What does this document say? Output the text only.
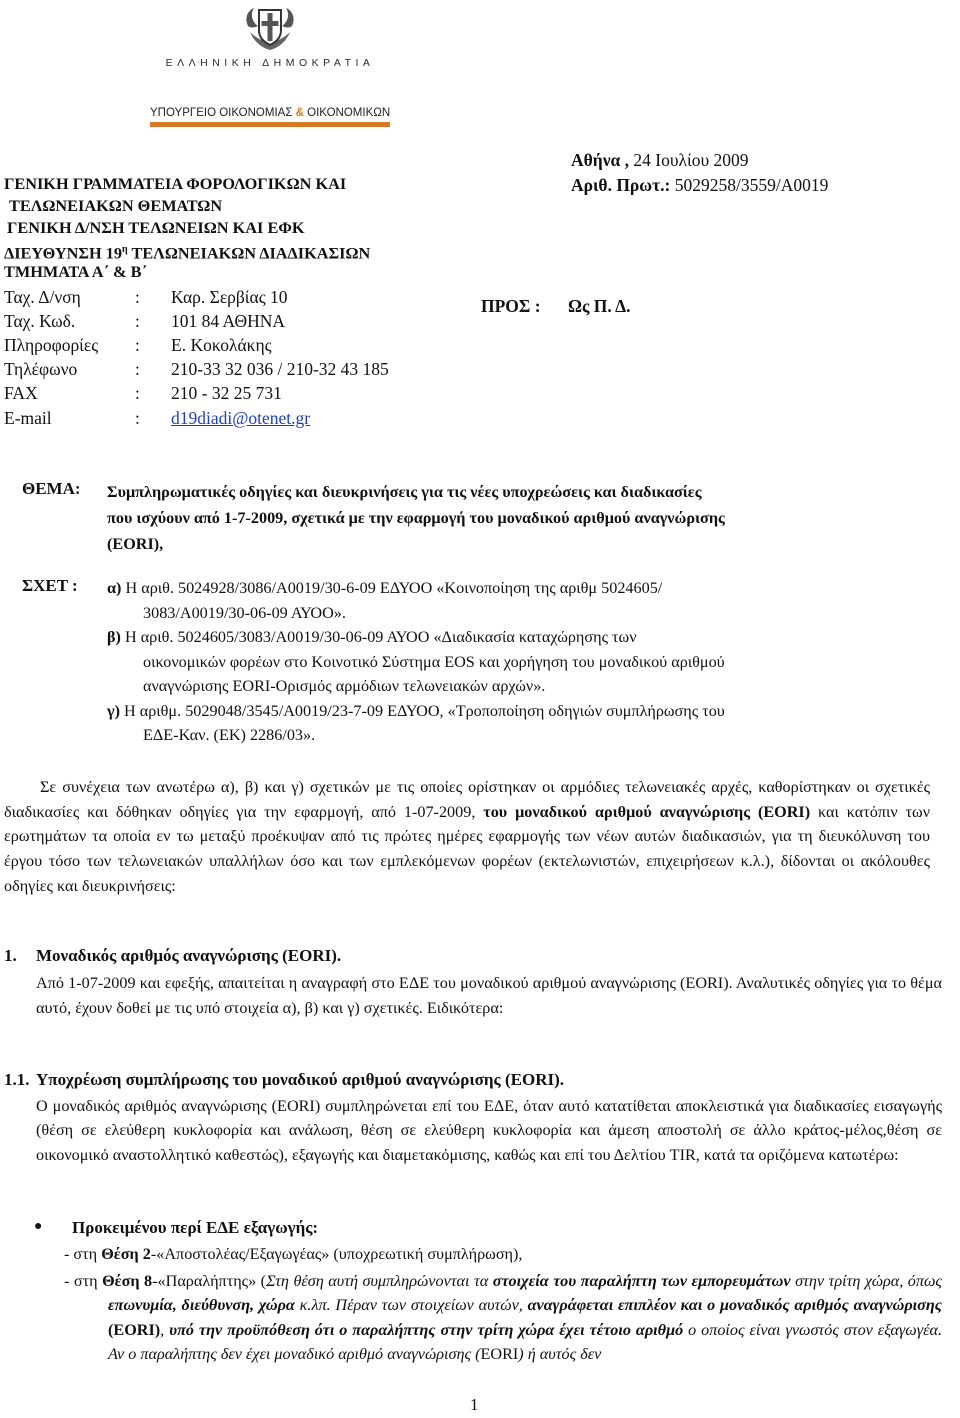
ΕΛΛΗΝΙΚΗ ΔΗΜΟΚΡΑΤΙΑ
ΥΠΟΥΡΓΕΙΟ ΟΙΚΟΝΟΜΙΑΣ & ΟΙΚΟΝΟΜΙΚΩΝ
ΓΕΝΙΚΗ ΓΡΑΜΜΑΤΕΙΑ ΦΟΡΟΛΟΓΙΚΩΝ ΚΑΙ
ΤΕΛΩΝΕΙΑΚΩΝ ΘΕΜΑΤΩΝ
ΓΕΝΙΚΗ Δ/ΝΣΗ ΤΕΛΩΝΕΙΩΝ ΚΑΙ ΕΦΚ
ΔΙΕΥΘΥΝΣΗ $19^\eta$ ΤΕΛΩΝΕΙΑΚΩΝ ΔΙΑΔΙΚΑΣΙΩΝ
ΤΜΗΜΑΤΑ Α΄ & Β΄
Ταχ. Δ/νση	: Καρ. Σερβίας 10
Ταχ. Κωδ.	: 101 84 ΑΘΗΝΑ
Πληροφορίες : Ε. Κοκολάκης
Τηλέφωνο	: 210-33 32 036 / 210-32 43 185
FAX	: 210 - 32 25 731
E-mail	: d19diadi@otenet.gr
Αθήνα , 24 Ιουλίου 2009
Αριθ. Πρωτ.: 5029258/3559/Α0019
ΠΡΟΣ : Ως Π. Δ.
ΘΕΜΑ: Συμπληρωματικές οδηγίες και διευκρινήσεις για τις νέες υποχρεώσεις και διαδικασίες
που ισχύουν από 1-7-2009, σχετικά με την εφαρμογή του μοναδικού αριθμού αναγνώρισης
(EORI),
ΣΧΕΤ : α) Η αριθ. 5024928/3086/Α0019/30-6-09 ΕΔΥΟΟ «Κοινοποίηση της αριθμ 5024605/
3083/Α0019/30-06-09 ΑΥΟΟ».
β) Η αριθ. 5024605/3083/Α0019/30-06-09 ΑΥΟΟ «Διαδικασία καταχώρησης των
οικονομικών φορέων στο Κοινοτικό Σύστημα EOS και χορήγηση του μοναδικού αριθμού
αναγνώρισης EORI-Ορισμός αρμόδιων τελωνειακών αρχών».
γ) Η αριθμ. 5029048/3545/Α0019/23-7-09 ΕΔΥΟΟ, «Τροποποίηση οδηγιών συμπλήρωσης του
ΕΔΕ-Καν. (ΕΚ) 2286/03».
Σε συνέχεια των ανωτέρω α), β) και γ) σχετικών με τις οποίες ορίστηκαν οι αρμόδιες τελωνειακές αρχές, καθορίστηκαν οι σχετικές διαδικασίες και δόθηκαν οδηγίες για την εφαρμογή, από 1-07-2009, του μοναδικού αριθμού αναγνώρισης (EORI) και κατόπιν των ερωτημάτων τα οποία εν τω μεταξύ προέκυψαν από τις πρώτες ημέρες εφαρμογής των νέων αυτών διαδικασιών, για τη διευκόλυνση του έργου τόσο των τελωνειακών υπαλλήλων όσο και των εμπλεκόμενων φορέων (εκτελωνιστών, επιχειρήσεων κ.λ.), δίδονται οι ακόλουθες οδηγίες και διευκρινήσεις:
1. Μοναδικός αριθμός αναγνώρισης (EORI).
Από 1-07-2009 και εφεξής, απαιτείται η αναγραφή στο ΕΔΕ του μοναδικού αριθμού αναγνώρισης (EORI). Αναλυτικές οδηγίες για το θέμα αυτό, έχουν δοθεί με τις υπό στοιχεία α), β) και γ) σχετικές. Ειδικότερα:
1.1. Υποχρέωση συμπλήρωσης του μοναδικού αριθμού αναγνώρισης (EORI).
Ο μοναδικός αριθμός αναγνώρισης (EORI) συμπληρώνεται επί του ΕΔΕ, όταν αυτό κατατίθεται αποκλειστικά για διαδικασίες εισαγωγής (θέση σε ελεύθερη κυκλοφορία και ανάλωση, θέση σε ελεύθερη κυκλοφορία και άμεση αποστολή σε άλλο κράτος-μέλος,θέση σε οικονομικό αναστολλητικό καθεστώς), εξαγωγής και διαμετακόμισης, καθώς και επί του Δελτίου TIR, κατά τα οριζόμενα κατωτέρω:
● Προκειμένου περί ΕΔΕ εξαγωγής:
- στη Θέση 2-«Αποστολέας/Εξαγωγέας» (υποχρεωτική συμπλήρωση),
- στη Θέση 8-«Παραλήπτης» (Στη θέση αυτή συμπληρώνονται τα στοιχεία του παραλήπτη των εμπορευμάτων στην τρίτη χώρα, όπως επωνυμία, διεύθυνση, χώρα κ.λπ. Πέραν των στοιχείων αυτών, αναγράφεται επιπλέον και ο μοναδικός αριθμός αναγνώρισης (EORI), υπό την προϋπόθεση ότι ο παραλήπτης στην τρίτη χώρα έχει τέτοιο αριθμό ο οποίος είναι γνωστός στον εξαγωγέα. Αν ο παραλήπτης δεν έχει μοναδικό αριθμό αναγνώρισης (EORI) ή αυτός δεν
1
